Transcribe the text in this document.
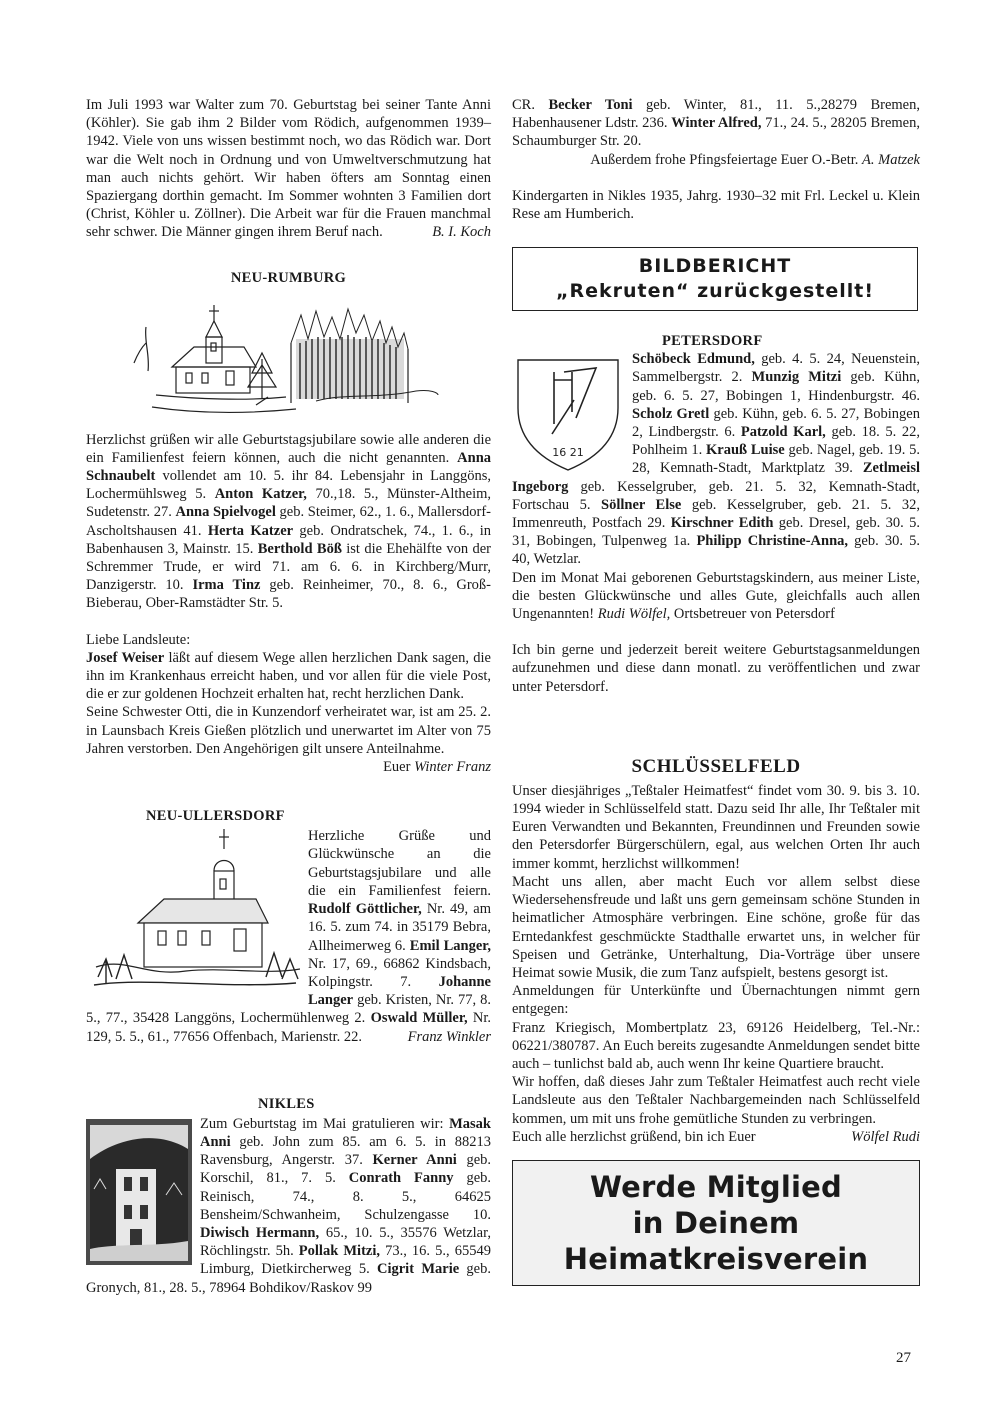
Im Juli 1993 war Walter zum 70. Geburtstag bei seiner Tante Anni (Köhler). Sie gab ihm 2 Bilder vom Rödich, aufgenommen 1939–1942. Viele von uns wissen bestimmt noch, wo das Rödich war. Dort war die Welt noch in Ordnung und von Umweltverschmutzung hat man auch nichts gehört. Wir haben öfters am Sonntag einen Spaziergang dorthin gemacht. Im Sommer wohnten 3 Familien dort (Christ, Köhler u. Zöllner). Die Arbeit war für die Frauen manchmal sehr schwer. Die Männer gingen ihrem Beruf nach.	B. I. Koch

NEU-RUMBURG

Herzlichst grüßen wir alle Geburtstagsjubilare sowie alle anderen die ein Familienfest feiern können, auch die nicht genannten. Anna Schnaubelt vollendet am 10. 5. ihr 84. Lebensjahr in Langgöns, Lochermühlsweg 5. Anton Katzer, 70.,18. 5., Münster-Altheim, Sudetenstr. 27. Anna Spielvogel geb. Steimer, 62., 1. 6., Mallersdorf-Ascholtshausen 41. Herta Katzer geb. Ondratschek, 74., 1. 6., in Babenhausen 3, Mainstr. 15. Berthold Böß ist die Ehehälfte von der Schremmer Trude, er wird 71. am 6. 6. in Kirchberg/Murr, Danzigerstr. 10. Irma Tinz geb. Reinheimer, 70., 8. 6., Groß-Bieberau, Ober-Ramstädter Str. 5.

Liebe Landsleute:

Josef Weiser läßt auf diesem Wege allen herzlichen Dank sagen, die ihn im Krankenhaus erreicht haben, und vor allen für die viele Post, die er zur goldenen Hochzeit erhalten hat, recht herzlichen Dank.

Seine Schwester Otti, die in Kunzendorf verheiratet war, ist am 25. 2. in Launsbach Kreis Gießen plötzlich und unerwartet im Alter von 75 Jahren verstorben. Den Angehörigen gilt unsere Anteilnahme.
Euer Winter Franz

NEU-ULLERSDORF

Herzliche Grüße und Glückwünsche an die Geburtstagsjubilare und alle die ein Familienfest feiern. Rudolf Göttlicher, Nr. 49, am 16. 5. zum 74. in 35179 Bebra, Allheimerweg 6. Emil Langer, Nr. 17, 69., 66862 Kindsbach, Kolpingstr. 7. Johanne Langer geb. Kristen, Nr. 77, 8. 5., 77., 35428 Langgöns, Lochermühlenweg 2. Oswald Müller, Nr. 129, 5. 5., 61., 77656 Offenbach, Marienstr. 22.	Franz Winkler

NIKLES

Zum Geburtstag im Mai gratulieren wir: Masak Anni geb. John zum 85. am 6. 5. in 88213 Ravensburg, Angerstr. 37. Kerner Anni geb. Korschil, 81., 7. 5. Conrath Fanny geb. Reinisch, 74., 8. 5., 64625 Bensheim/Schwanheim, Schulzengasse 10. Diwisch Hermann, 65., 10. 5., 35576 Wetzlar, Röchlingstr. 5h. Pollak Mitzi, 73., 16. 5., 65549 Limburg, Dietkircherweg 5. Cigrit Marie geb. Gronych, 81., 28. 5., 78964 Bohdikov/Raskov 99

CR. Becker Toni geb. Winter, 81., 11. 5.,28279 Bremen, Habenhausener Ldstr. 236. Winter Alfred, 71., 24. 5., 28205 Bremen, Schaumburger Str. 20.

Außerdem frohe Pfingsfeiertage Euer O.-Betr. A. Matzek

Kindergarten in Nikles 1935, Jahrg. 1930–32 mit Frl. Leckel u. Klein Rese am Humberich.

BILDBERICHT
„Rekruten“ zurückgestellt!
PETERSDORF
16 21

Schöbeck Edmund, geb. 4. 5. 24, Neuenstein, Sammelbergstr. 2. Munzig Mitzi geb. Kühn, geb. 6. 5. 27, Bobingen 1, Hindenburgstr. 46. Scholz Gretl geb. Kühn, geb. 6. 5. 27, Bobingen 2, Lindbergstr. 6. Patzold Karl, geb. 18. 5. 22, Pohlheim 1. Krauß Luise geb. Nagel, geb. 19. 5. 28, Kemnath-Stadt, Marktplatz 39. Zetlmeisl Ingeborg geb. Kesselgruber, geb. 21. 5. 32, Kemnath-Stadt, Fortschau 5. Söllner Else geb. Kesselgruber, geb. 21. 5. 32, Immenreuth, Postfach 29. Kirschner Edith geb. Dresel, geb. 30. 5. 31, Bobingen, Tulpenweg 1a. Philipp Christine-Anna, geb. 30. 5. 40, Wetzlar.

Den im Monat Mai geborenen Geburtstagskindern, aus meiner Liste, die besten Glückwünsche und alles Gute, gleichfalls auch allen Ungenannten! Rudi Wölfel, Ortsbetreuer von Petersdorf

Ich bin gerne und jederzeit bereit weitere Geburtstagsanmeldungen aufzunehmen und diese dann monatl. zu veröffentlichen und zwar unter Petersdorf.

SCHLÜSSELFELD

Unser diesjähriges „Teßtaler Heimatfest“ findet vom 30. 9. bis 3. 10. 1994 wieder in Schlüsselfeld statt. Dazu seid Ihr alle, Ihr Teßtaler mit Euren Verwandten und Bekannten, Freundinnen und Freunden sowie den Petersdorfer Bürgerschülern, egal, aus welchen Orten Ihr auch immer kommt, herzlichst willkommen!

Macht uns allen, aber macht Euch vor allem selbst diese Wiedersehensfreude und laßt uns gern gemeinsam schöne Stunden in heimatlicher Atmosphäre verbringen. Eine schöne, große für das Erntedankfest geschmückte Stadthalle erwartet uns, in welcher für Speisen und Getränke, Unterhaltung, Dia-Vorträge über unsere Heimat sowie Musik, die zum Tanz aufspielt, bestens gesorgt ist.

Anmeldungen für Unterkünfte und Übernachtungen nimmt gern entgegen:

Franz Kriegisch, Mombertplatz 23, 69126 Heidelberg, Tel.-Nr.: 06221/380787. An Euch bereits zugesandte Anmeldungen sendet bitte auch – tunlichst bald ab, auch wenn Ihr keine Quartiere braucht.

Wir hoffen, daß dieses Jahr zum Teßtaler Heimatfest auch recht viele Landsleute aus den Teßtaler Nachbargemeinden nach Schlüsselfeld kommen, um mit uns frohe gemütliche Stunden zu verbringen.

Euch alle herzlichst grüßend, bin ich Euer	Wölfel Rudi

Werde Mitglied
in Deinem
Heimatkreisverein
27
